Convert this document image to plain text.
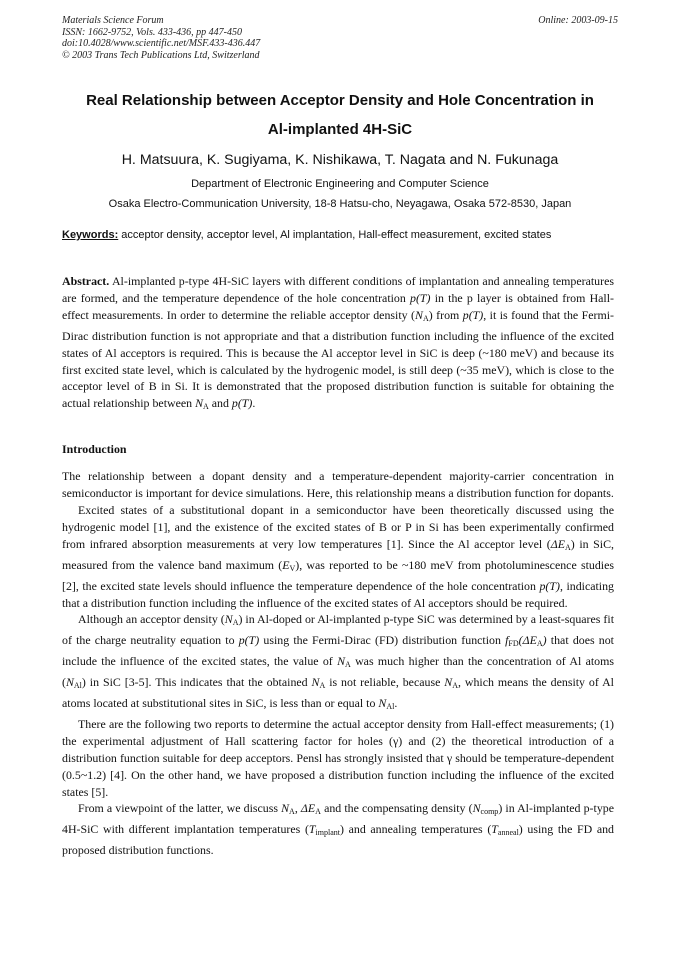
Materials Science Forum	Online: 2003-09-15
ISSN: 1662-9752, Vols. 433-436, pp 447-450
doi:10.4028/www.scientific.net/MSF.433-436.447
© 2003 Trans Tech Publications Ltd, Switzerland
Real Relationship between Acceptor Density and Hole Concentration in
Al-implanted 4H-SiC
H. Matsuura, K. Sugiyama, K. Nishikawa, T. Nagata and N. Fukunaga
Department of Electronic Engineering and Computer Science
Osaka Electro-Communication University, 18-8 Hatsu-cho, Neyagawa, Osaka 572-8530, Japan
Keywords: acceptor density, acceptor level, Al implantation, Hall-effect measurement, excited states

Abstract. Al-implanted p-type 4H-SiC layers with different conditions of implantation and annealing temperatures are formed, and the temperature dependence of the hole concentration p(T) in the p layer is obtained from Hall-effect measurements. In order to determine the reliable acceptor density $(N_A)$ from p(T), it is found that the Fermi-Dirac distribution function is not appropriate and that a distribution function including the influence of the excited states of Al acceptors is required. This is because the Al acceptor level in SiC is deep (~180 meV) and because its first excited state level, which is calculated by the hydrogenic model, is still deep (~35 meV), which is close to the acceptor level of B in Si. It is demonstrated that the proposed distribution function is suitable for obtaining the actual relationship between $N_A$ and p(T).

Introduction

The relationship between a dopant density and a temperature-dependent majority-carrier concentration in semiconductor is important for device simulations. Here, this relationship means a distribution function for dopants.

Excited states of a substitutional dopant in a semiconductor have been theoretically discussed using the hydrogenic model [1], and the existence of the excited states of B or P in Si has been experimentally confirmed from infrared absorption measurements at very low temperatures [1]. Since the Al acceptor level $(\Delta E_A)$ in SiC, measured from the valence band maximum $(E_V)$, was reported to be ~180 meV from photoluminescence studies [2], the excited state levels should influence the temperature dependence of the hole concentration p(T), indicating that a distribution function including the influence of the excited states of Al acceptors should be required.

Although an acceptor density $(N_A)$ in Al-doped or Al-implanted p-type SiC was determined by a least-squares fit of the charge neutrality equation to p(T) using the Fermi-Dirac (FD) distribution function $f_{FD}(\Delta E_A)$ that does not include the influence of the excited states, the value of $N_A$ was much higher than the concentration of Al atoms $(N_{Al})$ in SiC [3-5]. This indicates that the obtained $N_A$ is not reliable, because $N_A$, which means the density of Al atoms located at substitutional sites in SiC, is less than or equal to $N_{Al}$.

There are the following two reports to determine the actual acceptor density from Hall-effect measurements; (1) the experimental adjustment of Hall scattering factor for holes (γ) and (2) the theoretical introduction of a distribution function suitable for deep acceptors. Pensl has strongly insisted that γ should be temperature-dependent (0.5~1.2) [4]. On the other hand, we have proposed a distribution function including the influence of the excited states [5].

From a viewpoint of the latter, we discuss $N_A$, $\Delta E_A$ and the compensating density $(N_{comp})$ in Al-implanted p-type 4H-SiC with different implantation temperatures $(T_{implant})$ and annealing temperatures $(T_{anneal})$ using the FD and proposed distribution functions.
